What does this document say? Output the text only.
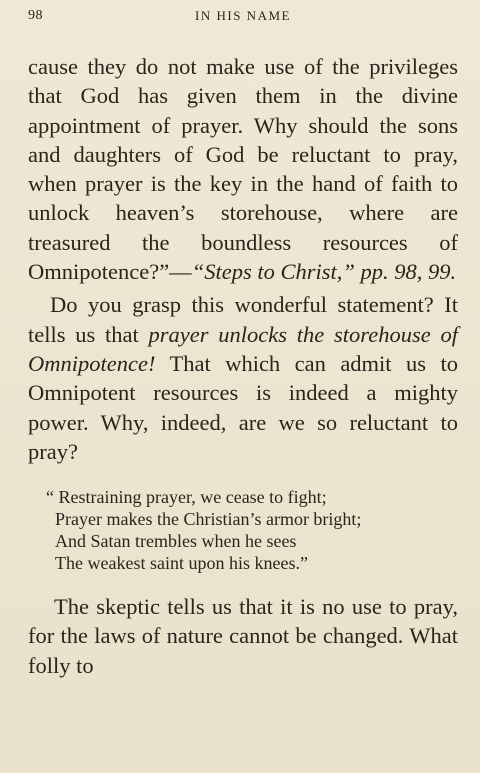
98	IN HIS NAME

cause they do not make use of the privileges that God has given them in the divine appointment of prayer. Why should the sons and daughters of God be reluctant to pray, when prayer is the key in the hand of faith to unlock heaven’s storehouse, where are treasured the boundless resources of Omnipotence?”—“Steps to Christ,” pp. 98, 99.

Do you grasp this wonderful statement? It tells us that prayer unlocks the storehouse of Omnipotence! That which can admit us to Omnipotent resources is indeed a mighty power. Why, indeed, are we so reluctant to pray?

“ Restraining prayer, we cease to fight;
Prayer makes the Christian’s armor bright;
And Satan trembles when he sees
The weakest saint upon his knees.”

The skeptic tells us that it is no use to pray, for the laws of nature cannot be changed. What folly to
